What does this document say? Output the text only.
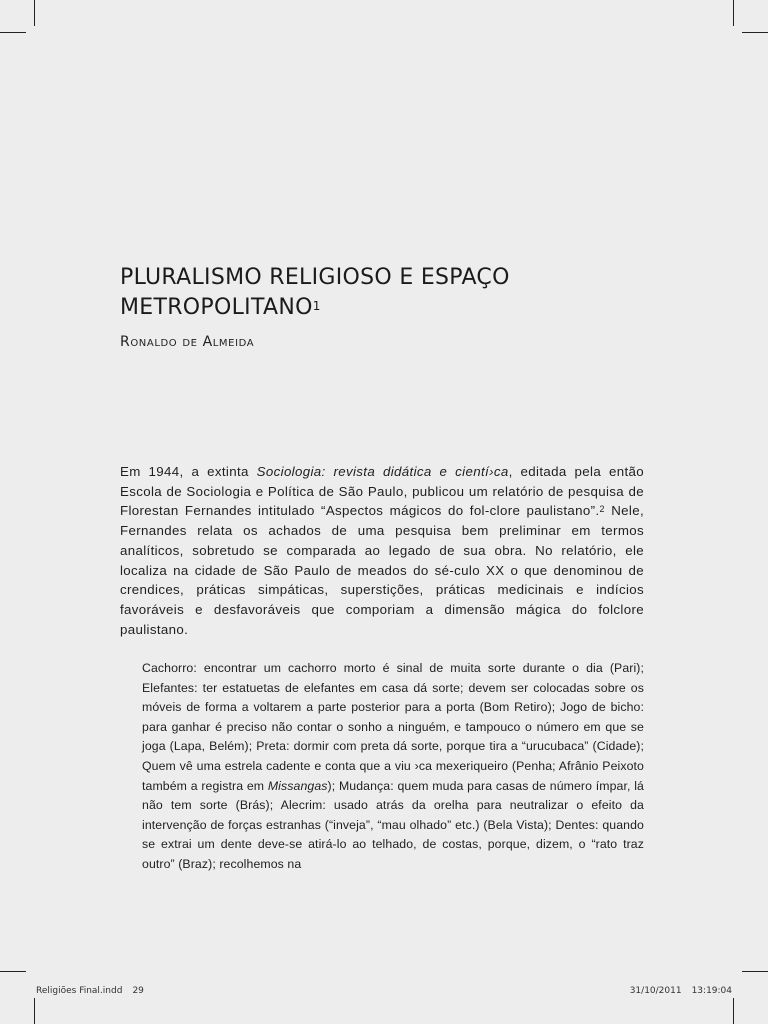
PLURALISMO RELIGIOSO E ESPAÇO
METROPOLITANO$^1$
Ronaldo de Almeida

Em 1944, a extinta Sociologia: revista didática e cientí›ca, editada pela então Escola de Sociologia e Política de São Paulo, publicou um relatório de pesquisa de Florestan Fernandes intitulado “Aspectos mágicos do fol-clore paulistano”.$^2$ Nele, Fernandes relata os achados de uma pesquisa bem preliminar em termos analíticos, sobretudo se comparada ao legado de sua obra. No relatório, ele localiza na cidade de São Paulo de meados do sé-culo XX o que denominou de crendices, práticas simpáticas, superstições, práticas medicinais e indícios favoráveis e desfavoráveis que comporiam a dimensão mágica do folclore paulistano.

Cachorro: encontrar um cachorro morto é sinal de muita sorte durante o dia (Pari); Elefantes: ter estatuetas de elefantes em casa dá sorte; devem ser colocadas sobre os móveis de forma a voltarem a parte posterior para a porta (Bom Retiro); Jogo de bicho: para ganhar é preciso não contar o sonho a ninguém, e tampouco o número em que se joga (Lapa, Belém); Preta: dormir com preta dá sorte, porque tira a “urucubaca” (Cidade); Quem vê uma estrela cadente e conta que a viu ›ca mexeriqueiro (Penha; Afrânio Peixoto também a registra em Missangas); Mudança: quem muda para casas de número ímpar, lá não tem sorte (Brás); Alecrim: usado atrás da orelha para neutralizar o efeito da intervenção de forças estranhas (“inveja”, “mau olhado” etc.) (Bela Vista); Dentes: quando se extrai um dente deve-se atirá-lo ao telhado, de costas, porque, dizem, o “rato traz outro” (Braz); recolhemos na

Religiões Final.indd 29	31/10/2011 13:19:04
